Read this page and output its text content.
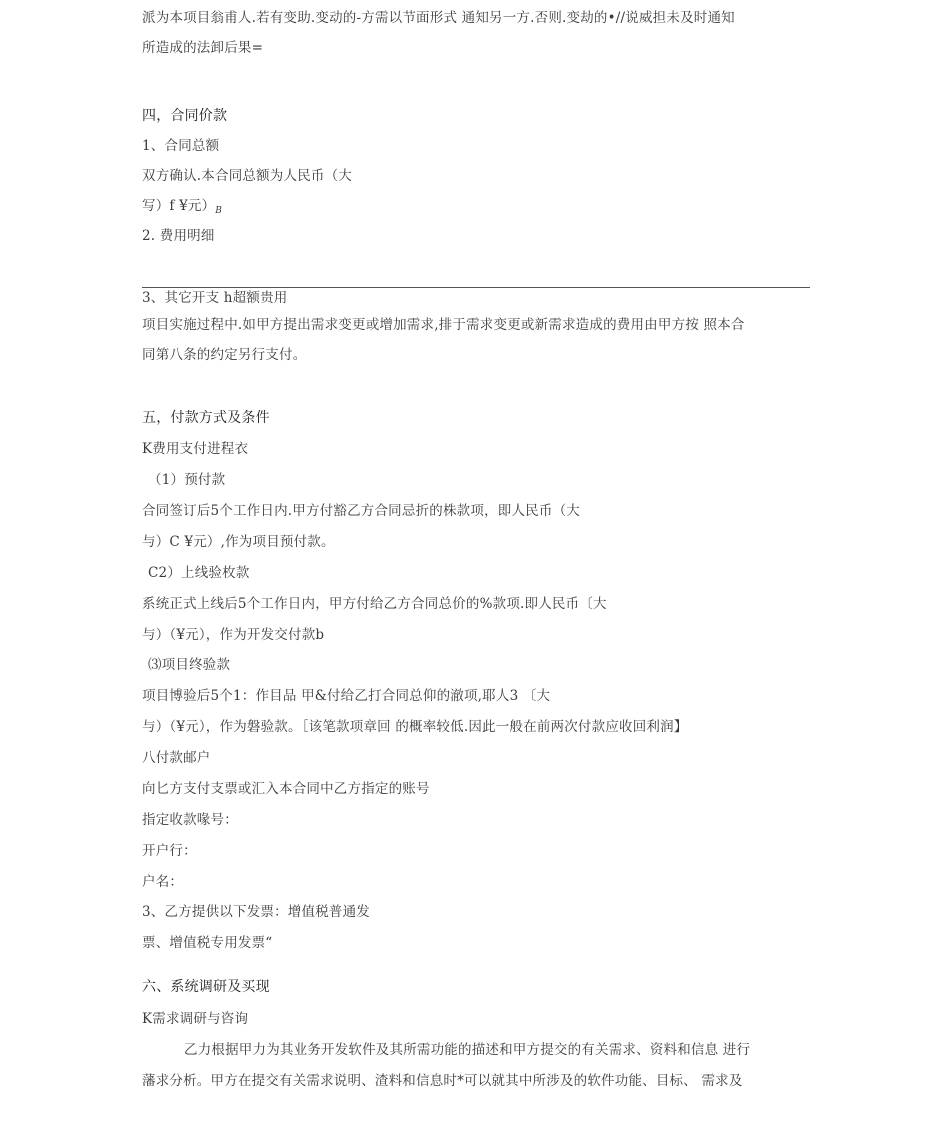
派为本项目翁甫人.若有变助.变动的-方需以节面形式 通知另一方.否则.变劫的•//说威担未及时通知
所造成的法卸后果=
四，合同价款
1、合同总额
双方确认.本合同总额为人民币（大
写）f ¥元）$_B$
2. 费用明细
3、其它开支 h超额贵用
项目实施过程中.如甲方提出需求变更或增加需求,排于需求变更或新需求造成的费用由甲方按 照本合
同第八条的约定另行支付。
五，付款方式及条件
K费用支付进程衣
（1）预付款
合同签订后5个工作日内.甲方付豁乙方合同忌折的株款项，即人民币（大
与）C ¥元）,作为项目预付款。
C2）上线验枚款
系统正式上线后5个工作日内，甲方付给乙方合同总价的%款项.即人民币〔大
与）（¥元），作为开发交付款b
⑶项目终验款
项目博验后5个1：作目品 甲&付给乙打合同总仰的澈项,耶人3 〔大
与）（¥元），作为磐验款。［该笔款项章回 的概率较低.因此一般在前两次付款应收回利润】
八付款邮户
向匕方支付支票或汇入本合同中乙方指定的账号
指定收款喙号：
开户行：
户名：
3、乙方提供以下发票：增值税普通发
票、增值税专用发票“
六、系统调研及买现
K需求调研与咨询
乙力根据甲力为其业务开发软件及其所需功能的描述和甲方提交的有关需求、资料和信息 进行
藩求分析。甲方在提交有关需求说明、渣料和信息时*可以就其中所涉及的软件功能、目标、 需求及
